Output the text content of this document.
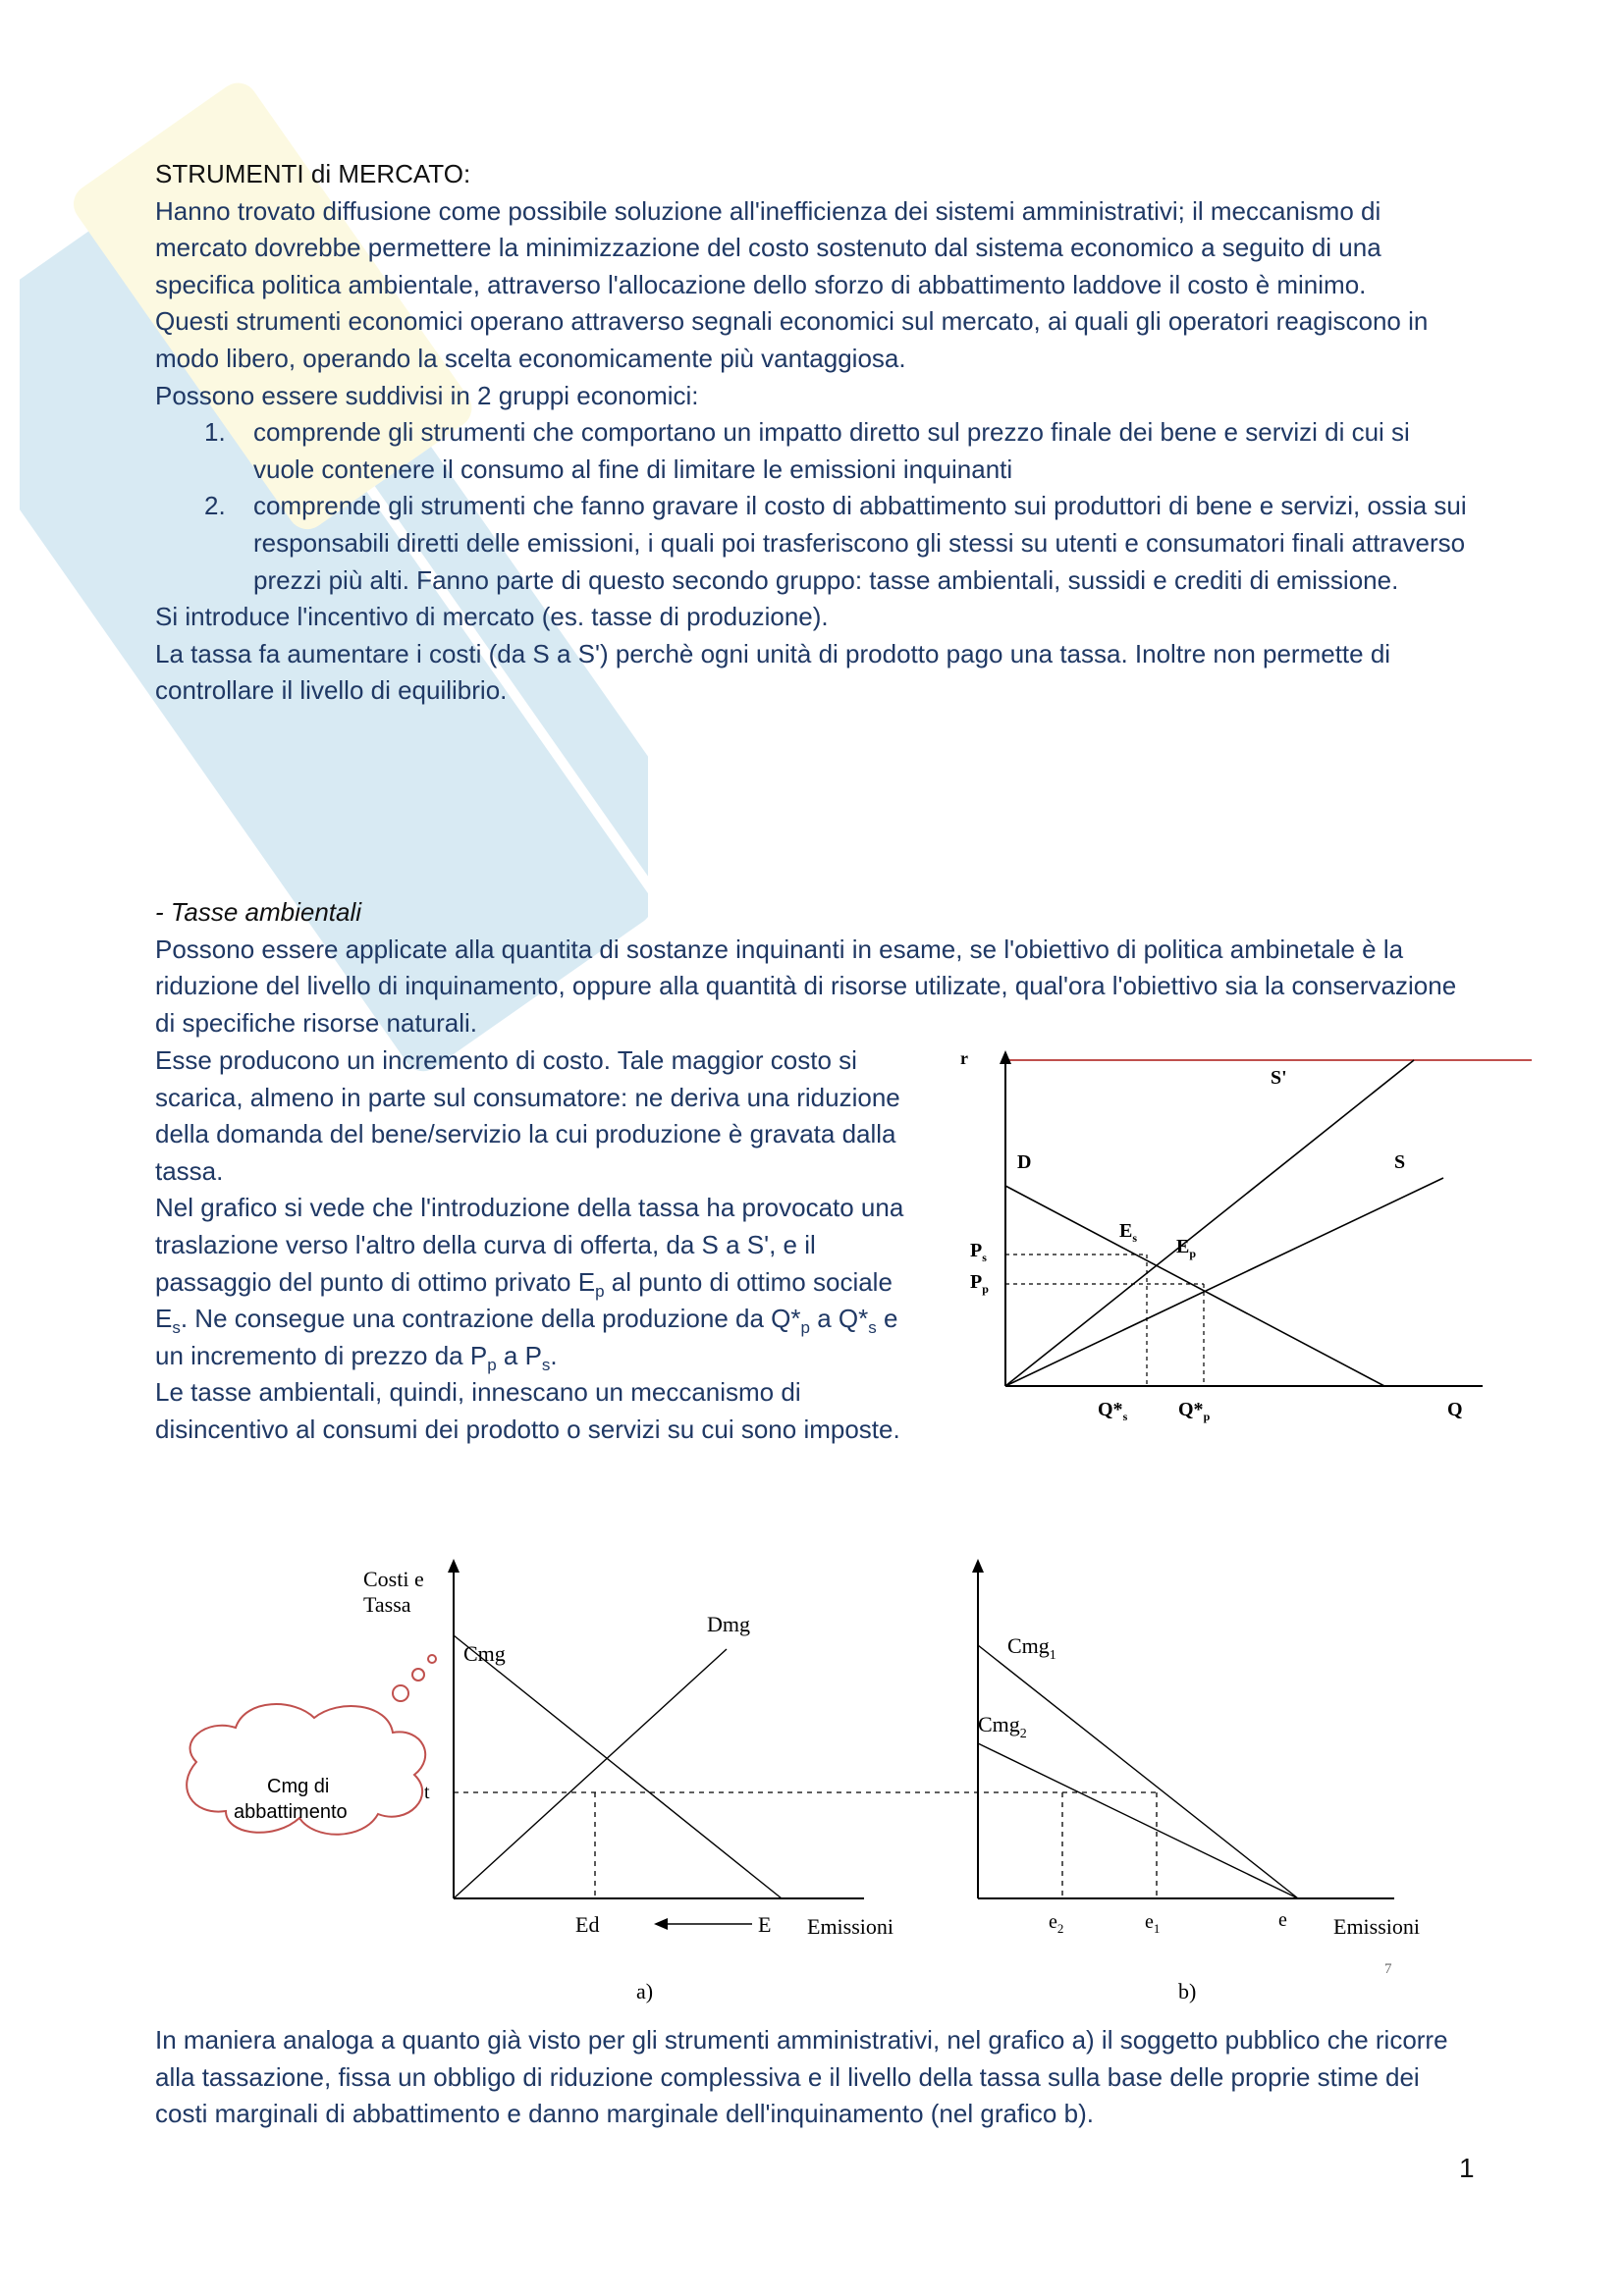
STRUMENTI di MERCATO:

Hanno trovato diffusione come possibile soluzione all'inefficienza dei sistemi amministrativi; il meccanismo di mercato dovrebbe permettere la minimizzazione del costo sostenuto dal sistema economico a seguito di una specifica politica ambientale, attraverso l'allocazione dello sforzo di abbattimento laddove il costo è minimo.

Questi strumenti economici operano attraverso segnali economici sul mercato, ai quali gli operatori reagiscono in modo libero, operando la scelta economicamente più vantaggiosa.

Possono essere suddivisi in 2 gruppi economici:

1. comprende gli strumenti che comportano un impatto diretto sul prezzo finale dei bene e servizi di cui si vuole contenere il consumo al fine di limitare le emissioni inquinanti
2. comprende gli strumenti che fanno gravare il costo di abbattimento sui produttori di bene e servizi, ossia sui responsabili diretti delle emissioni, i quali poi trasferiscono gli stessi su utenti e consumatori finali attraverso prezzi più alti. Fanno parte di questo secondo gruppo: tasse ambientali, sussidi e crediti di emissione.

Si introduce l'incentivo di mercato (es. tasse di produzione).

La tassa fa aumentare i costi (da S a S') perchè ogni unità di prodotto pago una tassa. Inoltre non permette di controllare il livello di equilibrio.

- Tasse ambientali

Possono essere applicate alla quantita di sostanze inquinanti in esame, se l'obiettivo di politica ambinetale è la riduzione del livello di inquinamento, oppure alla quantità di risorse utilizate, qual'ora l'obiettivo sia la conservazione di specifiche risorse naturali.

Esse producono un incremento di costo. Tale maggior costo si scarica, almeno in parte sul consumatore: ne deriva una riduzione della domanda del bene/servizio la cui produzione è gravata dalla tassa.

Nel grafico si vede che l'introduzione della tassa ha provocato una traslazione verso l'altro della curva di offerta, da S a S', e il passaggio del punto di ottimo privato $E_p$ al punto di ottimo sociale $E_s$. Ne consegue una contrazione della produzione da $Q*_p$ a $Q*_s$ e un incremento di prezzo da $P_p$ a $P_s$.

Le tasse ambientali, quindi, innescano un meccanismo di disincentivo al consumi dei prodotto o servizi su cui sono imposte.

r
S'
D	S
$E_s$ $E_p$
$P_s$
$P_p$
$Q*_s$	$Q*_p$	Q
Costi e
Tassa
Cmg
Dmg
t
Ed	E Emissioni
a)
Cmg di
abbattimento
Cmg$_1$
Cmg$_2$
$e_2$	$e_1$	e Emissioni
b)
7

In maniera analoga a quanto già visto per gli strumenti amministrativi, nel grafico a) il soggetto pubblico che ricorre alla tassazione, fissa un obbligo di riduzione complessiva e il livello della tassa sulla base delle proprie stime dei costi marginali di abbattimento e danno marginale dell'inquinamento (nel grafico b).

1
